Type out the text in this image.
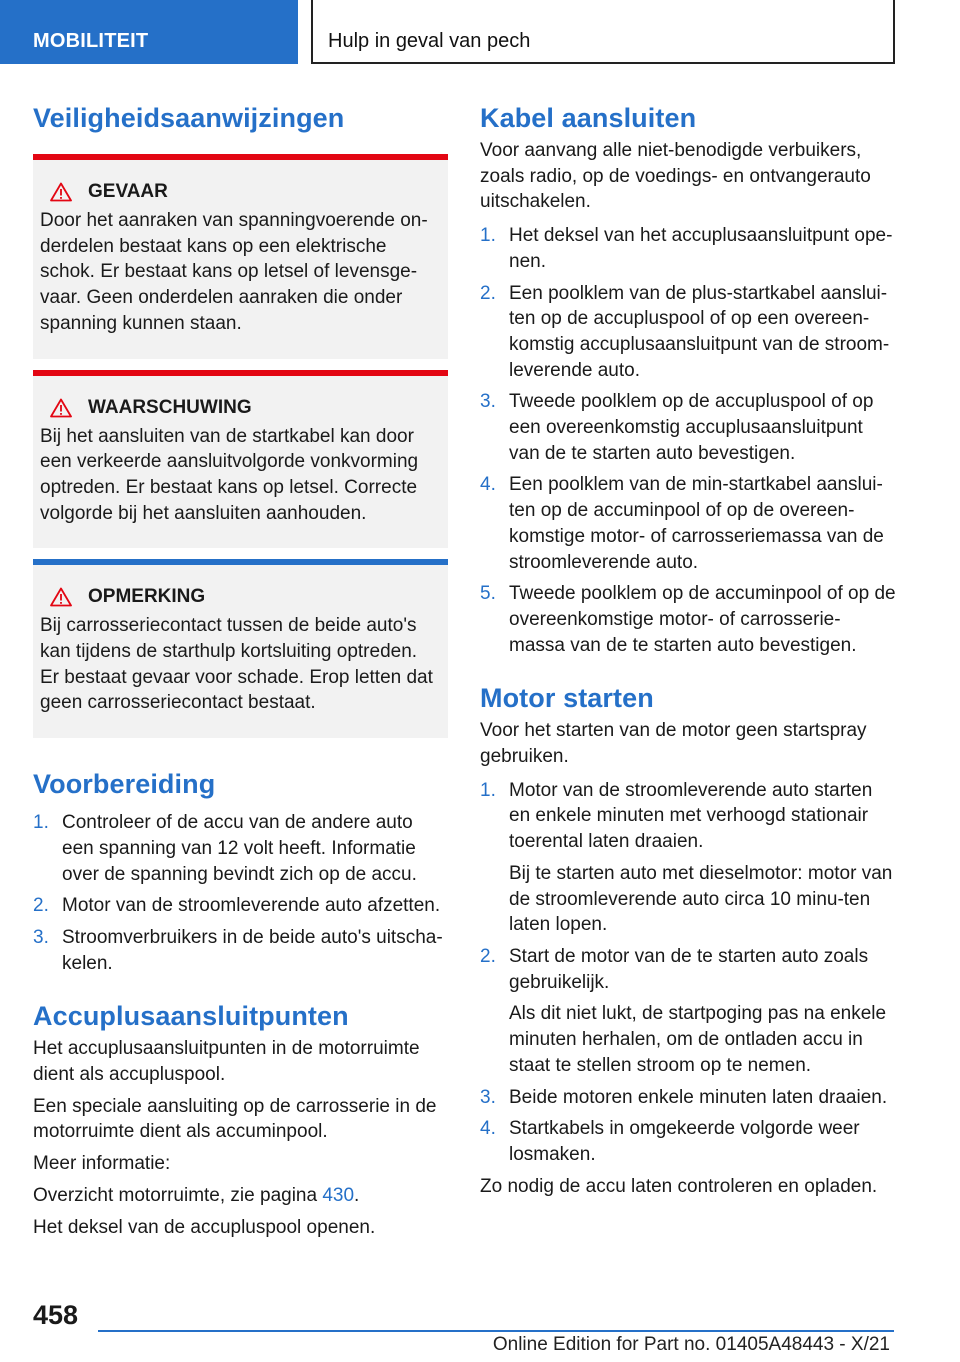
MOBILITEIT	Hulp in geval van pech
Veiligheidsaanwijzingen
GEVAAR

Door het aanraken van spanningvoerende on-derdelen bestaat kans op een elektrische schok. Er bestaat kans op letsel of levensge-vaar. Geen onderdelen aanraken die onder spanning kunnen staan.

WAARSCHUWING

Bij het aansluiten van de startkabel kan door een verkeerde aansluitvolgorde vonkvorming optreden. Er bestaat kans op letsel. Correcte volgorde bij het aansluiten aanhouden.

OPMERKING

Bij carrosseriecontact tussen de beide auto's kan tijdens de starthulp kortsluiting optreden. Er bestaat gevaar voor schade. Erop letten dat geen carrosseriecontact bestaat.

Voorbereiding
1. Controleer of de accu van de andere auto een spanning van 12 volt heeft. Informatie over de spanning bevindt zich op de accu.
2. Motor van de stroomleverende auto afzetten.
3. Stroomverbruikers in de beide auto's uitscha-kelen.
Accuplusaansluitpunten

Het accuplusaansluitpunten in de motorruimte dient als accupluspool.

Een speciale aansluiting op de carrosserie in de motorruimte dient als accuminpool.

Meer informatie:

Overzicht motorruimte, zie pagina 430.

Het deksel van de accupluspool openen.

Kabel aansluiten

Voor aanvang alle niet-benodigde verbuikers, zoals radio, op de voedings- en ontvangerauto uitschakelen.

1. Het deksel van het accuplusaansluitpunt ope-nen.
2. Een poolklem van de plus-startkabel aanslui-ten op de accupluspool of op een overeen-komstig accuplusaansluitpunt van de stroom-leverende auto.
3. Tweede poolklem op de accupluspool of op een overeenkomstig accuplusaansluitpunt van de te starten auto bevestigen.
4. Een poolklem van de min-startkabel aanslui-ten op de accuminpool of op de overeen-komstige motor- of carrosseriemassa van de stroomleverende auto.
5. Tweede poolklem op de accuminpool of op de overeenkomstige motor- of carrosserie-massa van de te starten auto bevestigen.
Motor starten

Voor het starten van de motor geen startspray gebruiken.

1. Motor van de stroomleverende auto starten en enkele minuten met verhoogd stationair toerental laten draaien.
Bij te starten auto met dieselmotor: motor van de stroomleverende auto circa 10 minu-ten laten lopen.
2. Start de motor van de te starten auto zoals gebruikelijk.
Als dit niet lukt, de startpoging pas na enkele minuten herhalen, om de ontladen accu in staat te stellen stroom op te nemen.
3. Beide motoren enkele minuten laten draaien.
4. Startkabels in omgekeerde volgorde weer losmaken.

Zo nodig de accu laten controleren en opladen.

458
Online Edition for Part no. 01405A48443 - X/21
